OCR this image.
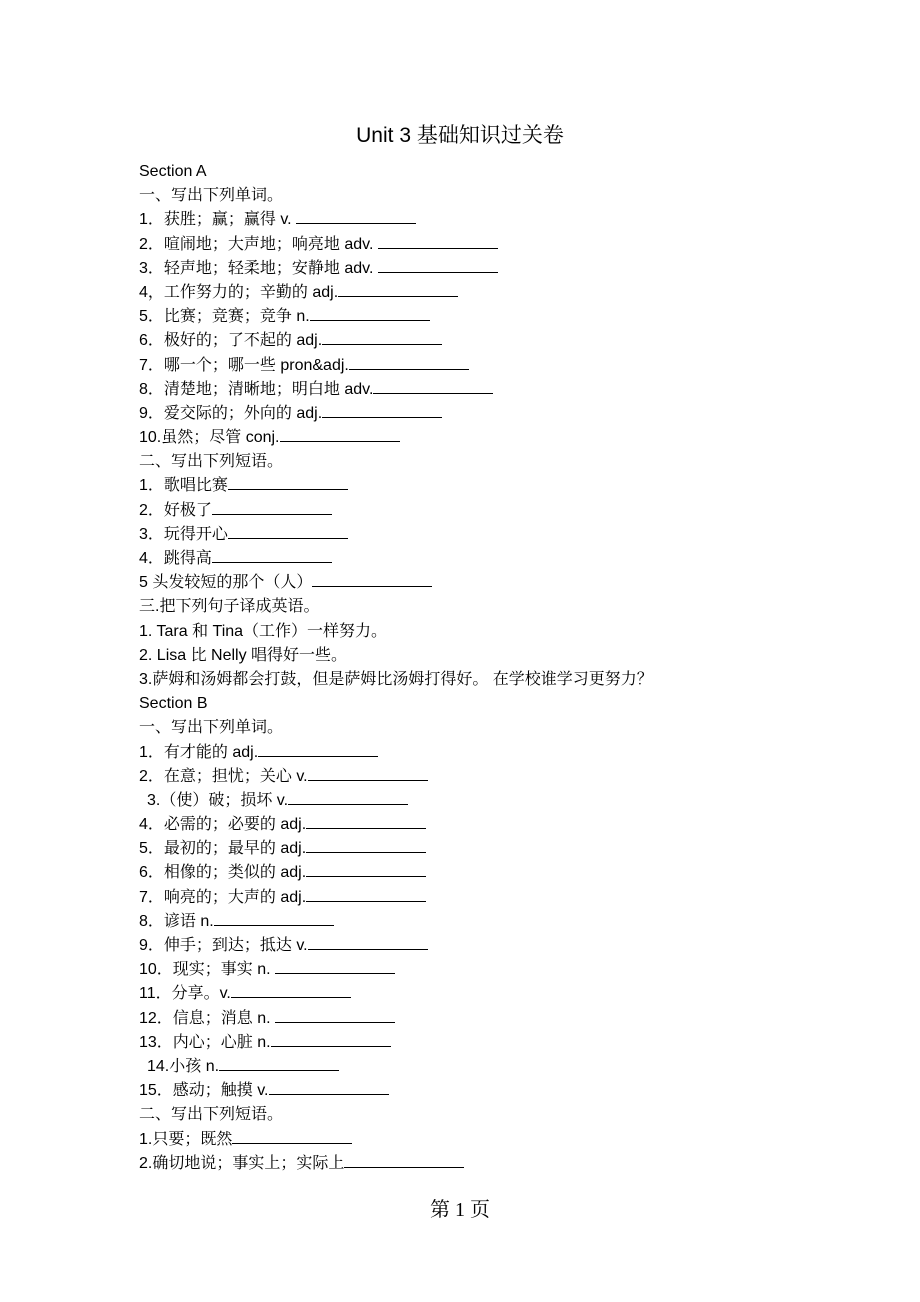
Unit 3 基础知识过关卷
Section A
一、写出下列单词。
1．获胜；赢；赢得 v.
2．喧闹地；大声地；响亮地 adv.
3．轻声地；轻柔地；安静地 adv.
4，工作努力的；辛勤的 adj.
5．比赛；竞赛；竞争 n.
6．极好的；了不起的 adj.
7．哪一个；哪一些 pron&adj.
8．清楚地；清晰地；明白地 adv.
9．爱交际的；外向的 adj.
10.虽然；尽管 conj.
二、写出下列短语。
1．歌唱比赛
2．好极了
3．玩得开心
4．跳得高
5 头发较短的那个（人）
三.把下列句子译成英语。
1. Tara 和 Tina（工作）一样努力。
2. Lisa 比 Nelly 唱得好一些。
3.萨姆和汤姆都会打鼓，但是萨姆比汤姆打得好。 在学校谁学习更努力？
Section B
一、写出下列单词。
1．有才能的 adj.
2．在意；担忧；关心 v.
3.（使）破；损坏 v.
4．必需的；必要的 adj.
5．最初的；最早的 adj.
6．相像的；类似的 adj.
7．响亮的；大声的 adj.
8．谚语 n.
9．伸手；到达；抵达 v.
10．现实；事实 n.
11．分享。v.
12．信息；消息 n.
13．内心；心脏 n.
14.小孩 n.
15．感动；触摸 v.
二、写出下列短语。
1.只要；既然
2.确切地说；事实上；实际上
第 1 页
